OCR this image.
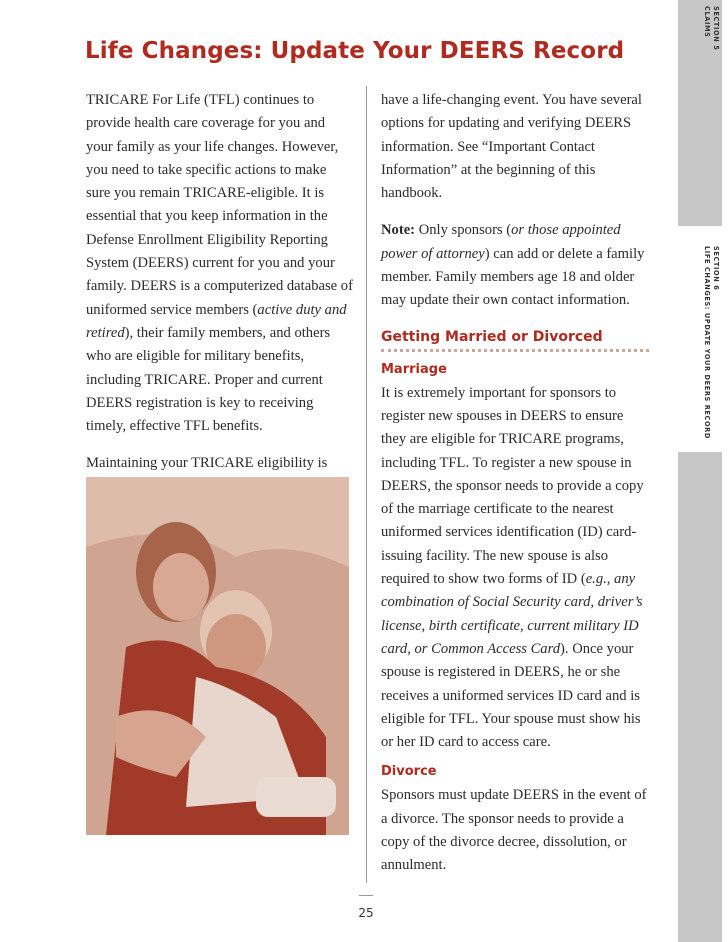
Life Changes: Update Your DEERS Record

TRICARE For Life (TFL) continues to provide health care coverage for you and your family as your life changes. However, you need to take specific actions to make sure you remain TRICARE-eligible. It is essential that you keep information in the Defense Enrollment Eligibility Reporting System (DEERS) current for you and your family. DEERS is a computerized database of uniformed service members (active duty and retired), their family members, and others who are eligible for military benefits, including TRICARE. Proper and current DEERS registration is key to receiving timely, effective TFL benefits.

Maintaining your TRICARE eligibility is

have a life-changing event. You have several options for updating and verifying DEERS information. See “Important Contact Information” at the beginning of this handbook.

Note: Only sponsors (or those appointed power of attorney) can add or delete a family member. Family members age 18 and older may update their own contact information.

Getting Married or Divorced
Marriage

It is extremely important for sponsors to register new spouses in DEERS to ensure they are eligible for TRICARE programs, including TFL. To register a new spouse in DEERS, the sponsor needs to provide a copy of the marriage certificate to the nearest uniformed services identification (ID) card-issuing facility. The new spouse is also required to show two forms of ID (e.g., any combination of Social Security card, driver’s license, birth certificate, current military ID card, or Common Access Card). Once your spouse is registered in DEERS, he or she receives a uniformed services ID card and is eligible for TFL. Your spouse must show his or her ID card to access care.

Divorce

Sponsors must update DEERS in the event of a divorce. The sponsor needs to provide a copy of the divorce decree, dissolution, or annulment.

SECTION 5
CLAIMS
SECTION 6
LIFE CHANGES: UPDATE YOUR DEERS RECORD
25
